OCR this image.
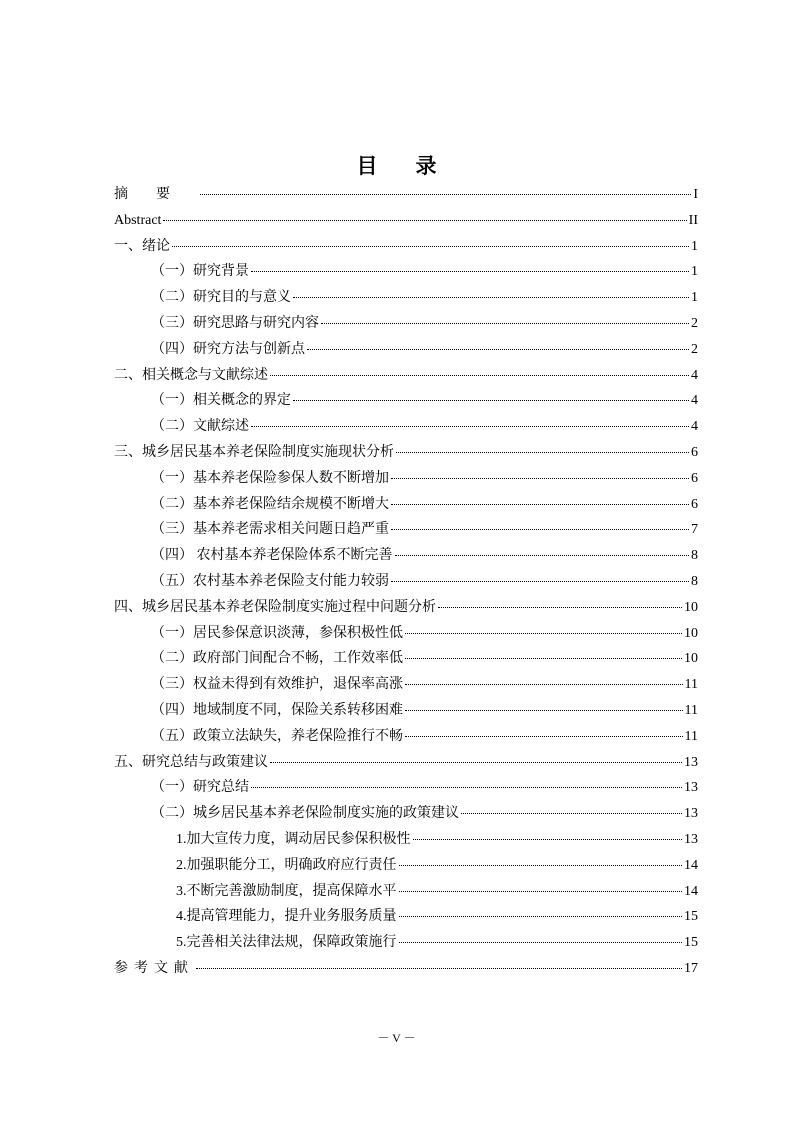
目 录
摘要	I
Abstract	II
一、绪论	1
（一）研究背景	1
（二）研究目的与意义	1
（三）研究思路与研究内容	2
（四）研究方法与创新点	2
二、相关概念与文献综述	4
（一）相关概念的界定	4
（二）文献综述	4
三、城乡居民基本养老保险制度实施现状分析	6
（一）基本养老保险参保人数不断增加	6
（二）基本养老保险结余规模不断增大	6
（三）基本养老需求相关问题日趋严重	7
（四） 农村基本养老保险体系不断完善	8
（五）农村基本养老保险支付能力较弱	8
四、城乡居民基本养老保险制度实施过程中问题分析	10
（一）居民参保意识淡薄，参保积极性低	10
（二）政府部门间配合不畅，工作效率低	10
（三）权益未得到有效维护，退保率高涨	11
（四）地域制度不同，保险关系转移困难	11
（五）政策立法缺失，养老保险推行不畅	11
五、研究总结与政策建议	13
（一）研究总结	13
（二）城乡居民基本养老保险制度实施的政策建议	13
1.加大宣传力度，调动居民参保积极性	13
2.加强职能分工，明确政府应行责任	14
3.不断完善激励制度，提高保障水平	14
4.提高管理能力，提升业务服务质量	15
5.完善相关法律法规，保障政策施行	15
参考文献	17
－ V －
